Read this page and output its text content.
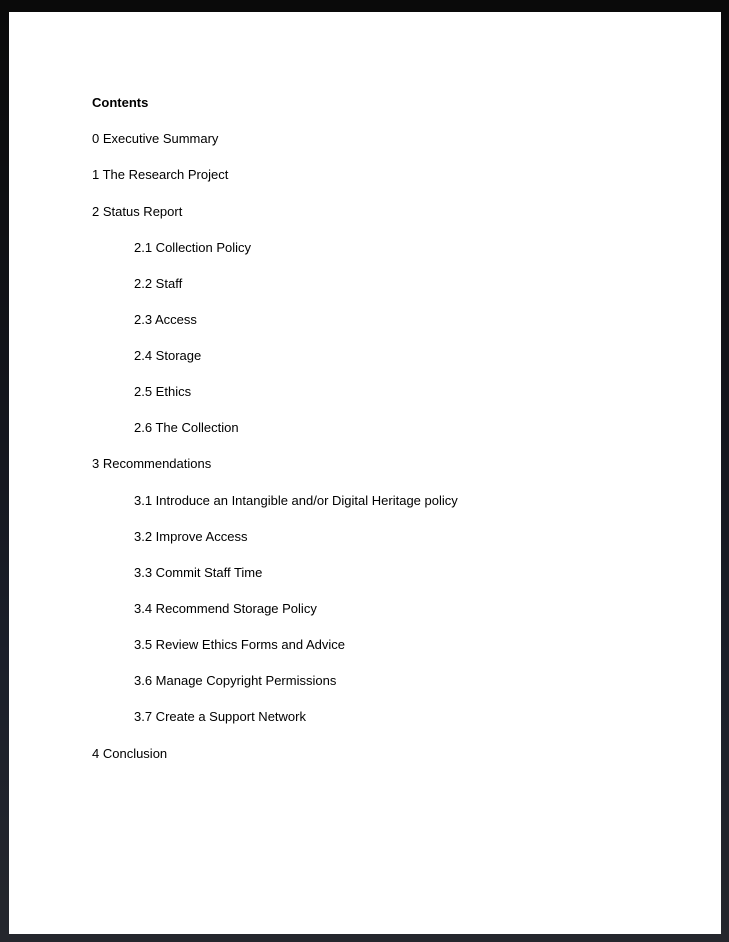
Contents
0 Executive Summary
1 The Research Project
2 Status Report
2.1 Collection Policy
2.2 Staff
2.3 Access
2.4 Storage
2.5 Ethics
2.6 The Collection
3 Recommendations
3.1 Introduce an Intangible and/or Digital Heritage policy
3.2 Improve Access
3.3 Commit Staff Time
3.4 Recommend Storage Policy
3.5 Review Ethics Forms and Advice
3.6 Manage Copyright Permissions
3.7 Create a Support Network
4 Conclusion
